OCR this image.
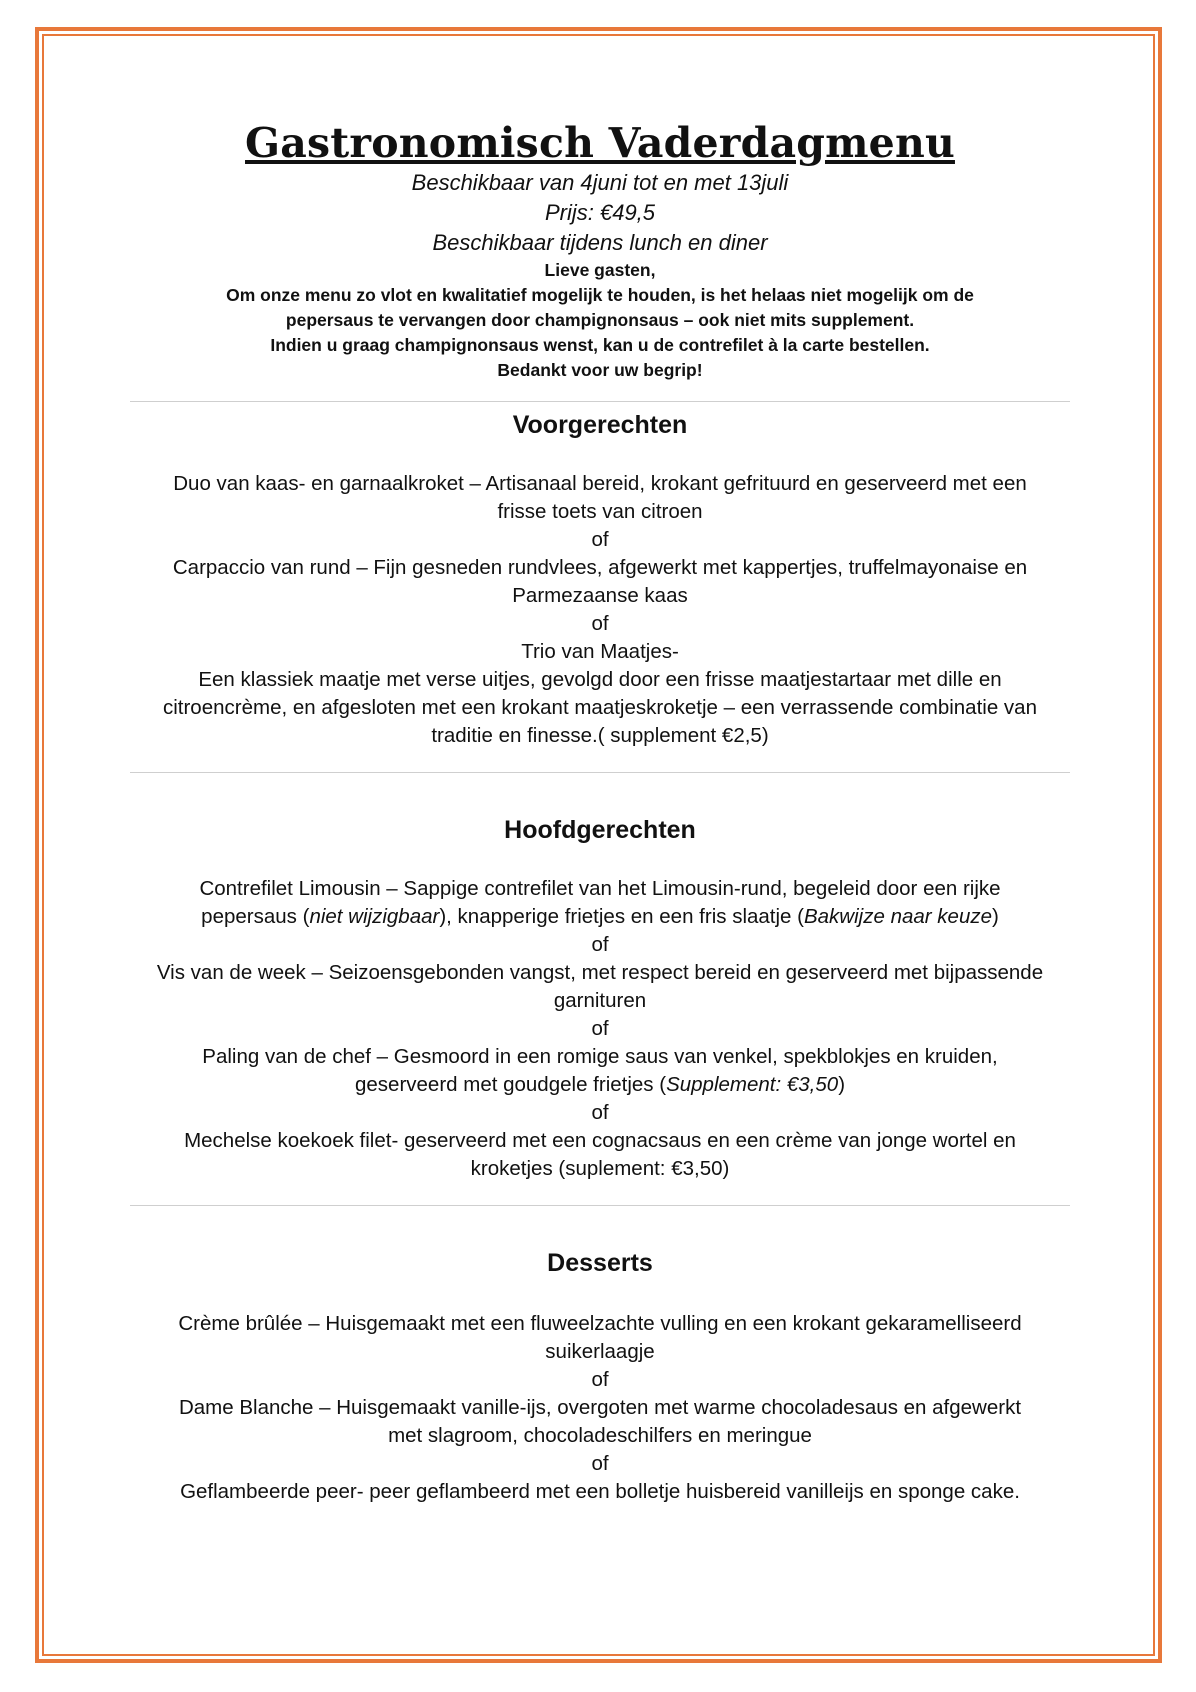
Gastronomisch Vaderdagmenu

Beschikbaar van 4juni tot en met 13juli

Prijs: €49,5

Beschikbaar tijdens lunch en diner

Lieve gasten,

Om onze menu zo vlot en kwalitatief mogelijk te houden, is het helaas niet mogelijk om de

pepersaus te vervangen door champignonsaus – ook niet mits supplement.

Indien u graag champignonsaus wenst, kan u de contrefilet à la carte bestellen.

Bedankt voor uw begrip!

Voorgerechten

Duo van kaas- en garnaalkroket – Artisanaal bereid, krokant gefrituurd en geserveerd met een

frisse toets van citroen

of

Carpaccio van rund – Fijn gesneden rundvlees, afgewerkt met kappertjes, truffelmayonaise en

Parmezaanse kaas

of

Trio van Maatjes-

Een klassiek maatje met verse uitjes, gevolgd door een frisse maatjestartaar met dille en

citroencrème, en afgesloten met een krokant maatjeskroketje – een verrassende combinatie van

traditie en finesse.( supplement €2,5)

Hoofdgerechten

Contrefilet Limousin – Sappige contrefilet van het Limousin-rund, begeleid door een rijke

pepersaus (niet wijzigbaar), knapperige frietjes en een fris slaatje (Bakwijze naar keuze)

of

Vis van de week – Seizoensgebonden vangst, met respect bereid en geserveerd met bijpassende

garnituren

of

Paling van de chef – Gesmoord in een romige saus van venkel, spekblokjes en kruiden,

geserveerd met goudgele frietjes (Supplement: €3,50)

of

Mechelse koekoek filet- geserveerd met een cognacsaus en een crème van jonge wortel en

kroketjes (suplement: €3,50)

Desserts

Crème brûlée – Huisgemaakt met een fluweelzachte vulling en een krokant gekaramelliseerd

suikerlaagje

of

Dame Blanche – Huisgemaakt vanille-ijs, overgoten met warme chocoladesaus en afgewerkt

met slagroom, chocoladeschilfers en meringue

of

Geflambeerde peer- peer geflambeerd met een bolletje huisbereid vanilleijs en sponge cake.
